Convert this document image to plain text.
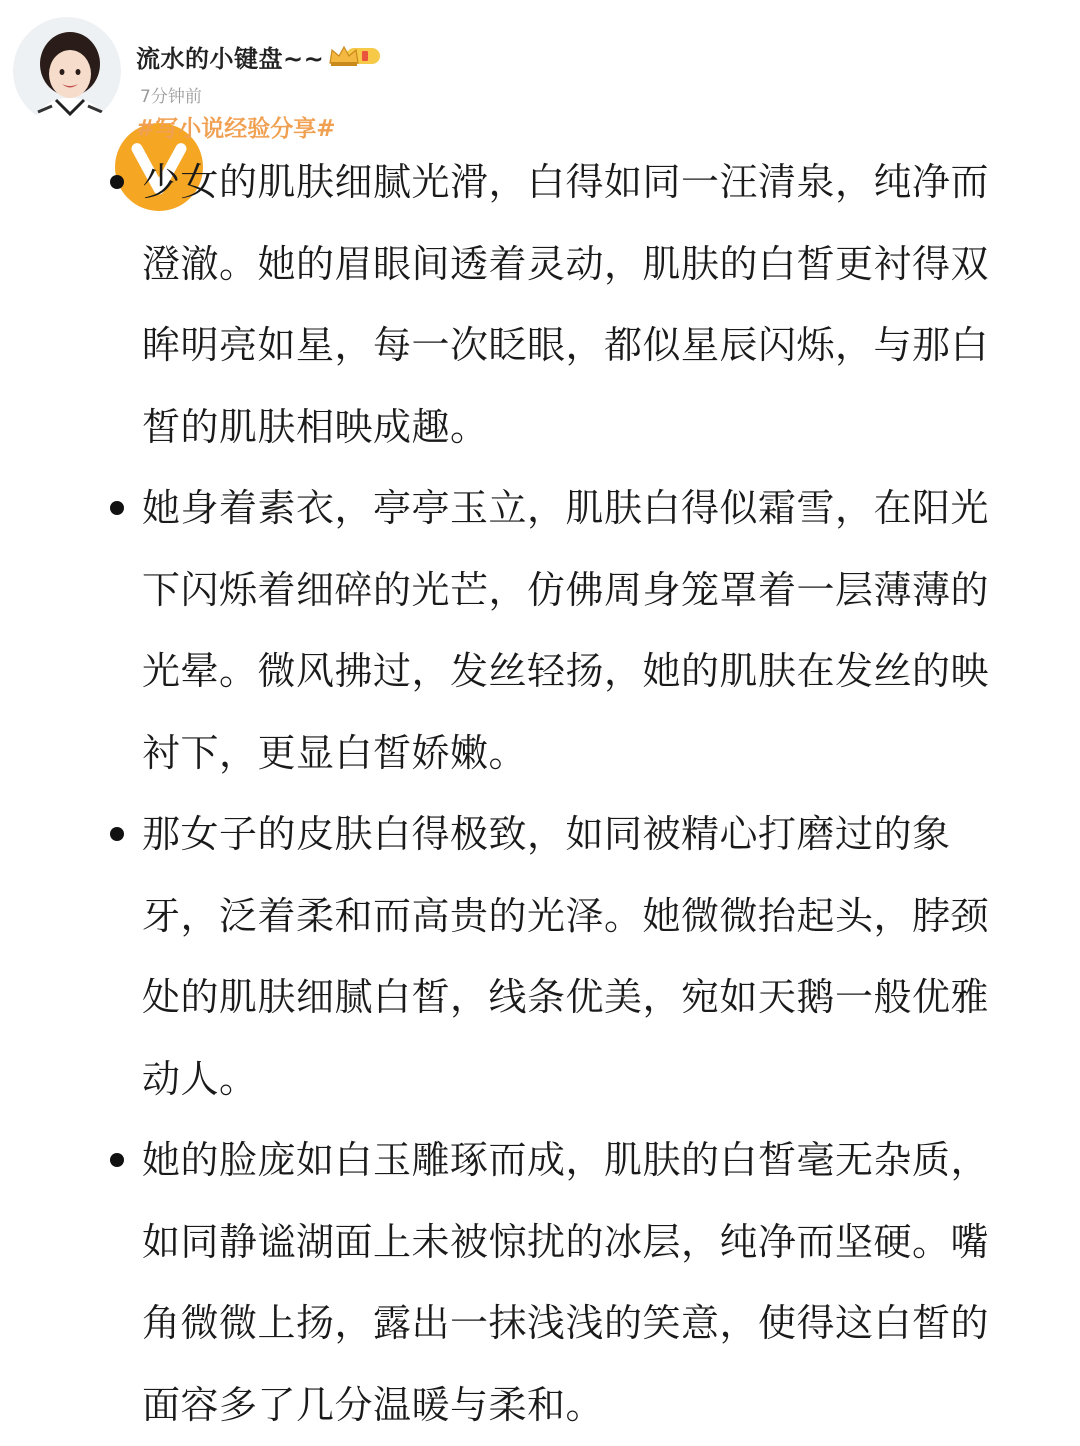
流水的小键盘~~
7分钟前
#写小说经验分享#
少女的肌肤细腻光滑，白得如同一汪清泉，纯净而澄澈。她的眉眼间透着灵动，肌肤的白皙更衬得双眸明亮如星，每一次眨眼，都似星辰闪烁，与那白皙的肌肤相映成趣。
她身着素衣，亭亭玉立，肌肤白得似霜雪，在阳光下闪烁着细碎的光芒，仿佛周身笼罩着一层薄薄的光晕。微风拂过，发丝轻扬，她的肌肤在发丝的映衬下，更显白皙娇嫩。
那女子的皮肤白得极致，如同被精心打磨过的象牙，泛着柔和而高贵的光泽。她微微抬起头，脖颈处的肌肤细腻白皙，线条优美，宛如天鹅一般优雅动人。
她的脸庞如白玉雕琢而成，肌肤的白皙毫无杂质，如同静谧湖面上未被惊扰的冰层，纯净而坚硬。嘴角微微上扬，露出一抹浅浅的笑意，使得这白皙的面容多了几分温暖与柔和。
